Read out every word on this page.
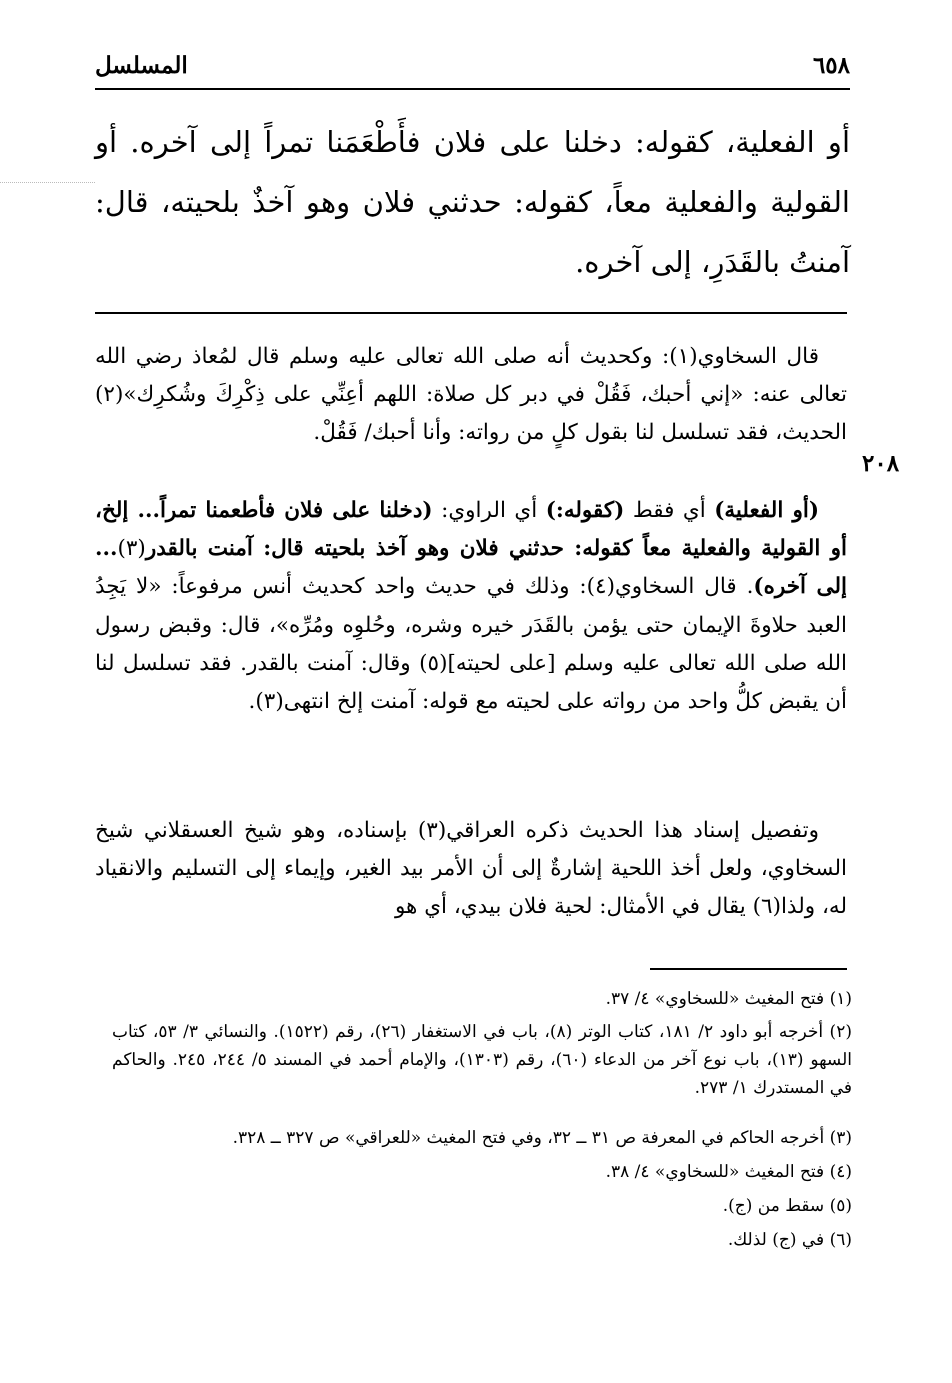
المسلسل	٦٥٨
أو الفعلية، كقوله: دخلنا على فلان فأَطْعَمَنا تمراً إلى آخره. أو القولية والفعلية معاً، كقوله: حدثني فلان وهو آخذٌ بلحيته، قال: آمنتُ بالقَدَرِ، إلى آخره.
٢٠٨

قال السخاوي(١): وكحديث أنه صلى الله تعالى عليه وسلم قال لمُعاذ رضي الله تعالى عنه: «إني أحبك، فَقُلْ في دبر كل صلاة: اللهم أعِنِّي على ذِكْرِكَ وشُكرِك»(٢) الحديث، فقد تسلسل لنا بقول كلٍ من رواته: وأنا أحبك/ فَقُلْ.

(أو الفعلية) أي فقط (كقوله:) أي الراوي: (دخلنا على فلان فأطعمنا تمراً... إلخ، أو القولية والفعلية معاً كقوله: حدثني فلان وهو آخذ بلحيته قال: آمنت بالقدر(٣)... إلى آخره). قال السخاوي(٤): وذلك في حديث واحد كحديث أنس مرفوعاً: «لا يَجِدُ العبد حلاوةَ الإيمان حتى يؤمن بالقَدَر خيره وشره، وحُلوِه ومُرِّه»، قال: وقبض رسول الله صلى الله تعالى عليه وسلم [على لحيته](٥) وقال: آمنت بالقدر. فقد تسلسل لنا أن يقبض كلُّ واحد من رواته على لحيته مع قوله: آمنت إلخ انتهى(٣).

وتفصيل إسناد هذا الحديث ذكره العراقي(٣) بإسناده، وهو شيخ العسقلاني شيخ السخاوي، ولعل أخذ اللحية إشارةٌ إلى أن الأمر بيد الغير، وإيماء إلى التسليم والانقياد له، ولذا(٦) يقال في الأمثال: لحية فلان بيدي، أي هو

(١) فتح المغيث «للسخاوي» ٤/ ٣٧.

(٢) أخرجه أبو داود ٢/ ١٨١، كتاب الوتر (٨)، باب في الاستغفار (٢٦)، رقم (١٥٢٢). والنسائي ٣/ ٥٣، كتاب السهو (١٣)، باب نوع آخر من الدعاء (٦٠)، رقم (١٣٠٣)، والإمام أحمد في المسند ٥/ ٢٤٤، ٢٤٥. والحاكم في المستدرك ١/ ٢٧٣.

(٣) أخرجه الحاكم في المعرفة ص ٣١ ــ ٣٢، وفي فتح المغيث «للعراقي» ص ٣٢٧ ــ ٣٢٨.

(٤) فتح المغيث «للسخاوي» ٤/ ٣٨.

(٥) سقط من (ج).

(٦) في (ج) لذلك.
